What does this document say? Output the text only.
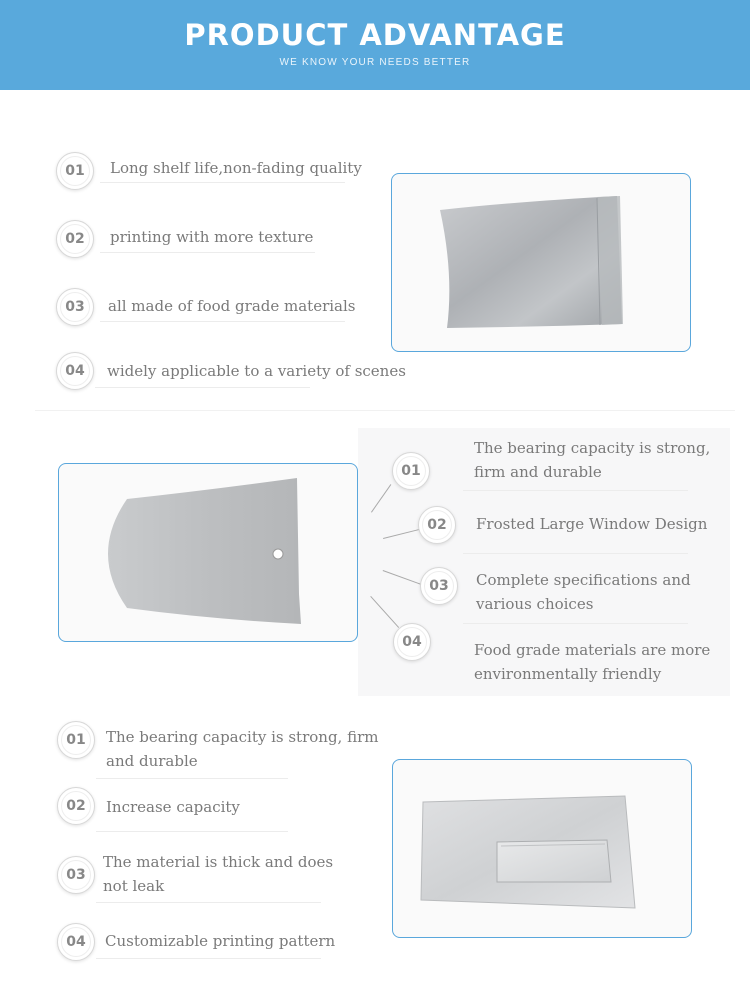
PRODUCT ADVANTAGE
WE KNOW YOUR NEEDS BETTER
01	Long shelf life,non-fading quality
02	printing with more texture
03	all made of food grade materials
04	widely applicable to a variety of scenes
01
The bearing capacity is strong,
firm and durable
02	Frosted Large Window Design
03	Complete specifications and
various choices
04	Food grade materials are more
environmentally friendly
01	The bearing capacity is strong, firm
and durable
02	Increase capacity
03
The material is thick and does
not leak
04	Customizable printing pattern
